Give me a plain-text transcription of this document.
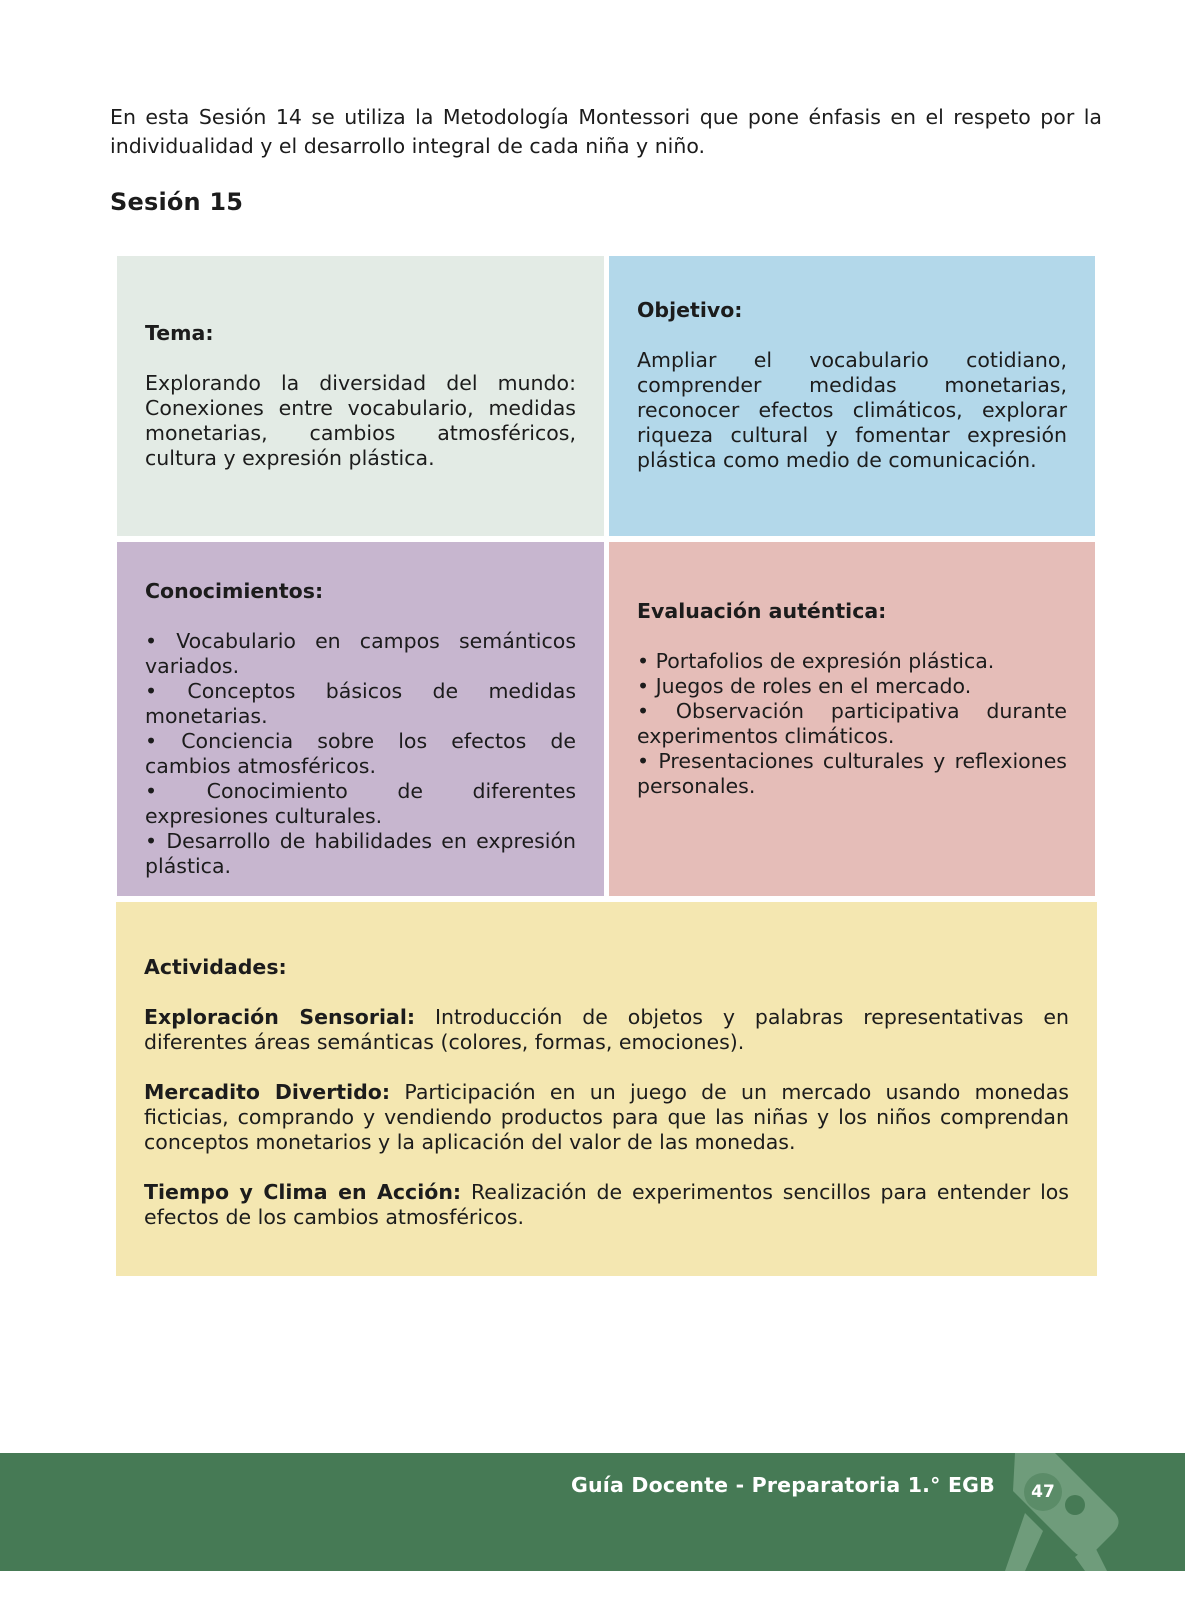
En esta Sesión 14 se utiliza la Metodología Montessori que pone énfasis en el respeto por la
individualidad y el desarrollo integral de cada niña y niño.

Sesión 15

Tema:

Explorando la diversidad del mundo: Conexiones entre vocabulario, medidas monetarias, cambios atmosféricos, cultura y expresión plástica.

Objetivo:

Ampliar el vocabulario cotidiano, comprender medidas monetarias, reconocer efectos climáticos, explorar riqueza cultural y fomentar expresión plástica como medio de comunicación.

Conocimientos:

• Vocabulario en campos semánticos variados.
• Conceptos básicos de medidas monetarias.
• Conciencia sobre los efectos de cambios atmosféricos.
• Conocimiento de diferentes expresiones culturales.
• Desarrollo de habilidades en expresión plástica.

Evaluación auténtica:

• Portafolios de expresión plástica.
• Juegos de roles en el mercado.
• Observación participativa durante experimentos climáticos.
• Presentaciones culturales y reflexiones personales.

Actividades:

Exploración Sensorial: Introducción de objetos y palabras representativas en diferentes áreas semánticas (colores, formas, emociones).

Mercadito Divertido: Participación en un juego de un mercado usando monedas ficticias, comprando y vendiendo productos para que las niñas y los niños comprendan conceptos monetarios y la aplicación del valor de las monedas.

Tiempo y Clima en Acción: Realización de experimentos sencillos para entender los efectos de los cambios atmosféricos.

Guía Docente - Preparatoria 1.° EGB	47
